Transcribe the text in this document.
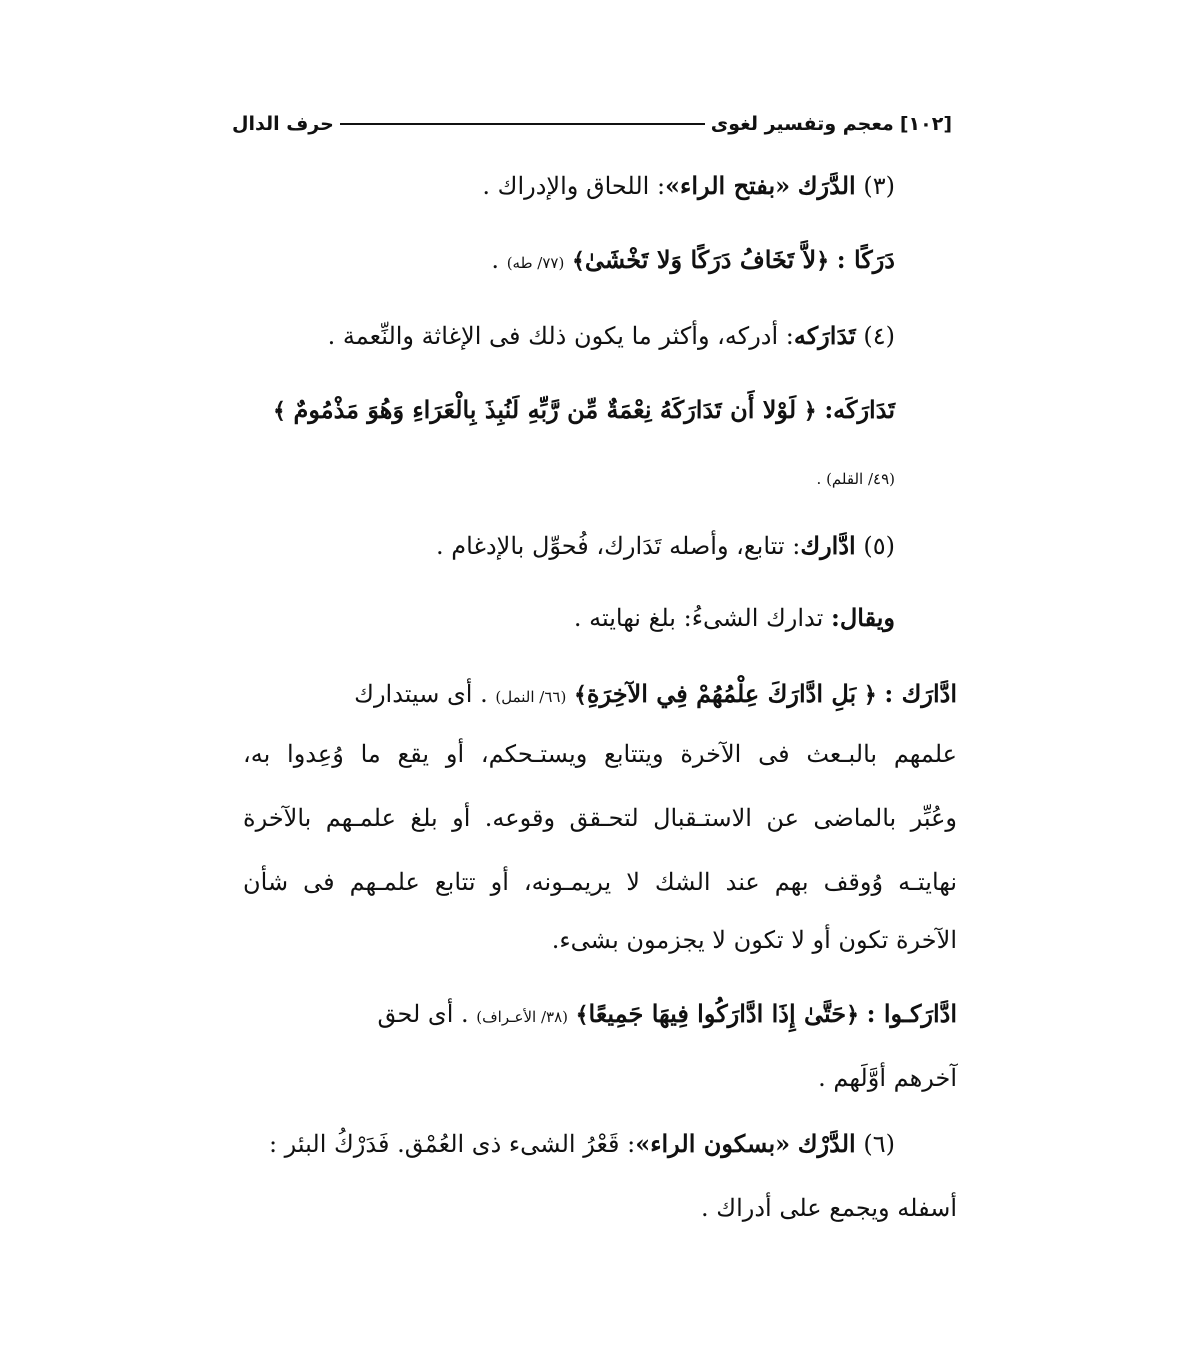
[١٠٢]
معجم وتفسير لغوى
حرف الدال
(٣) الدَّرَك «بفتح الراء»: اللحاق والإدراك .
دَرَكًا : ﴿لاَّ تَخَافُ دَرَكًا وَلا تَخْشَىٰ﴾ (٧٧/ طه) .
(٤) تَدَارَكه: أدركه، وأكثر ما يكون ذلك فى الإغاثة والنِّعمة .
تَدَارَكَه: ﴿ لَوْلا أَن تَدَارَكَهُ نِعْمَةٌ مِّن رَّبِّهِ لَنُبِذَ بِالْعَرَاءِ وَهُوَ مَذْمُومٌ ﴾
(٤٩/ القلم) .
(٥) ادَّارك: تتابع، وأصله تَدَارك، فُحوِّل بالإدغام .
ويقال: تدارك الشىءُ: بلغ نهايته .
ادَّارَك : ﴿ بَلِ ادَّارَكَ عِلْمُهُمْ فِي الآخِرَةِ﴾ (٦٦/ النمل) . أى سيتدارك
علمهم بالبـعث فى الآخرة ويتتابع ويستـحكم، أو يقع ما وُعِدوا به،
وعُبِّر بالماضى عن الاستـقبال لتحـقق وقوعه. أو بلغ علمـهم بالآخرة
نهايتـه وُوقف بهم عند الشك لا يريمـونه، أو تتابع علمـهم فى شأن
الآخرة تكون أو لا تكون لا يجزمون بشىء.
ادَّارَكـوا : ﴿حَتَّىٰ إِذَا ادَّارَكُوا فِيهَا جَمِيعًا﴾ (٣٨/ الأعـراف) . أى لحق
آخرهم أوَّلَهم .
(٦) الدَّرْك «بسكون الراء»: قَعْرُ الشىء ذى العُمْق. فَدَرْكُ البئر :
أسفله ويجمع على أدراك .
